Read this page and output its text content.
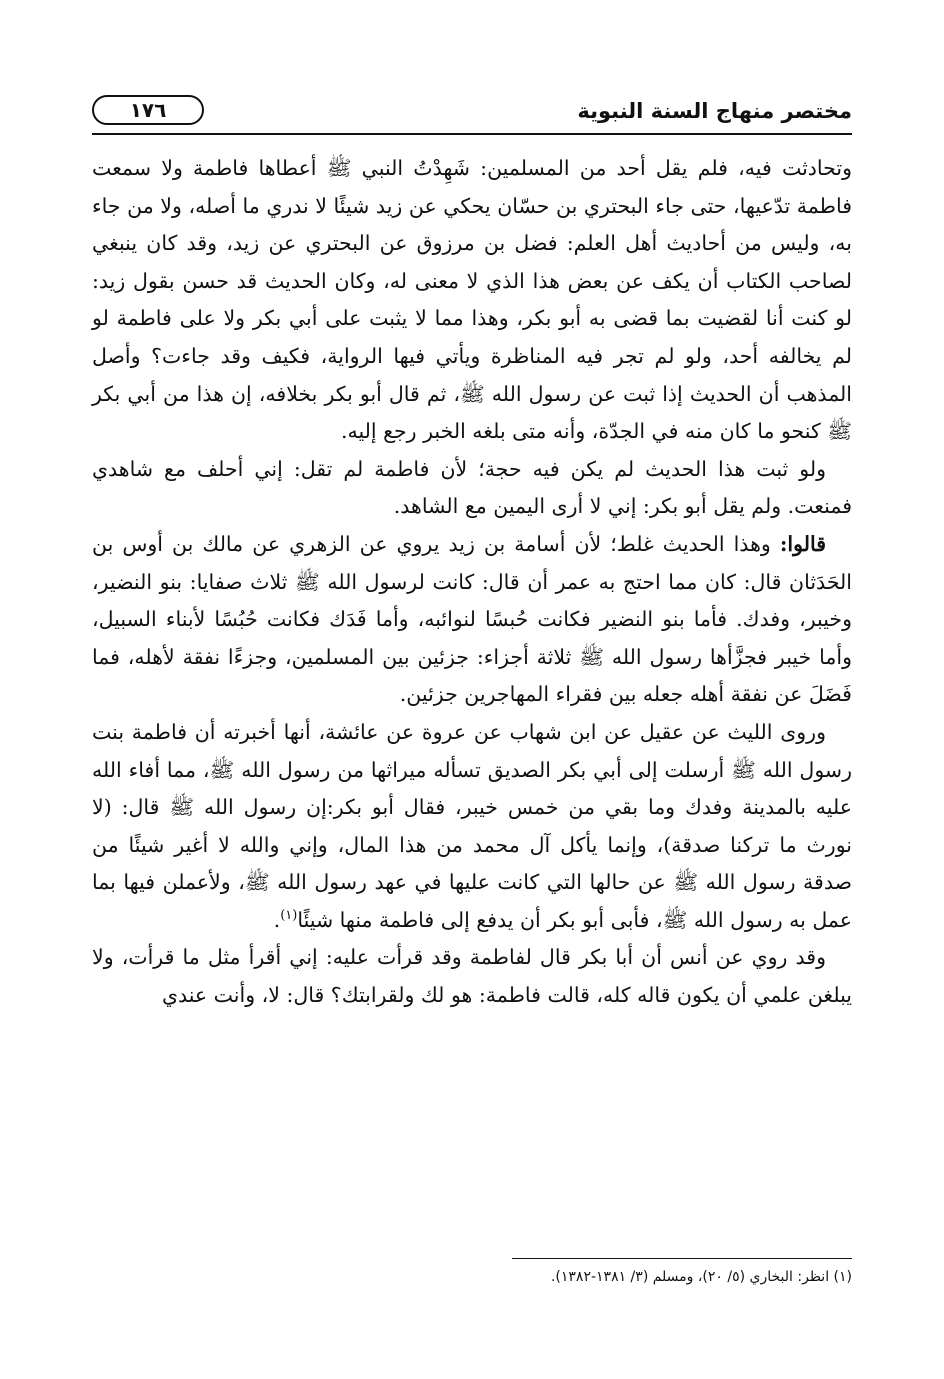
مختصر منهاج السنة النبوية
١٧٦

وتحادثت فيه، فلم يقل أحد من المسلمين: شَهِدْتُ النبي ﷺ أعطاها فاطمة ولا سمعت فاطمة تدّعيها، حتى جاء البحتري بن حسّان يحكي عن زيد شيئًا لا ندري ما أصله، ولا من جاء به، وليس من أحاديث أهل العلم: فضل بن مرزوق عن البحتري عن زيد، وقد كان ينبغي لصاحب الكتاب أن يكف عن بعض هذا الذي لا معنى له، وكان الحديث قد حسن بقول زيد: لو كنت أنا لقضيت بما قضى به أبو بكر، وهذا مما لا يثبت على أبي بكر ولا على فاطمة لو لم يخالفه أحد، ولو لم تجر فيه المناظرة ويأتي فيها الرواية، فكيف وقد جاءت؟ وأصل المذهب أن الحديث إذا ثبت عن رسول الله ﷺ، ثم قال أبو بكر بخلافه، إن هذا من أبي بكر ﷺ كنحو ما كان منه في الجدّة، وأنه متى بلغه الخبر رجع إليه.

ولو ثبت هذا الحديث لم يكن فيه حجة؛ لأن فاطمة لم تقل: إني أحلف مع شاهدي فمنعت. ولم يقل أبو بكر: إني لا أرى اليمين مع الشاهد.

قالوا: وهذا الحديث غلط؛ لأن أسامة بن زيد يروي عن الزهري عن مالك بن أوس بن الحَدَثان قال: كان مما احتج به عمر أن قال: كانت لرسول الله ﷺ ثلاث صفايا: بنو النضير، وخيبر، وفدك. فأما بنو النضير فكانت حُبسًا لنوائبه، وأما فَدَك فكانت حُبُسًا لأبناء السبيل، وأما خيبر فجزَّأها رسول الله ﷺ ثلاثة أجزاء: جزئين بين المسلمين، وجزءًا نفقة لأهله، فما فَضَلَ عن نفقة أهله جعله بين فقراء المهاجرين جزئين.

وروى الليث عن عقيل عن ابن شهاب عن عروة عن عائشة، أنها أخبرته أن فاطمة بنت رسول الله ﷺ أرسلت إلى أبي بكر الصديق تسأله ميراثها من رسول الله ﷺ، مما أفاء الله عليه بالمدينة وفدك وما بقي من خمس خيبر، فقال أبو بكر:إن رسول الله ﷺ قال: (لا نورث ما تركنا صدقة)، وإنما يأكل آل محمد من هذا المال، وإني والله لا أغير شيئًا من صدقة رسول الله ﷺ عن حالها التي كانت عليها في عهد رسول الله ﷺ، ولأعملن فيها بما عمل به رسول الله ﷺ، فأبى أبو بكر أن يدفع إلى فاطمة منها شيئًا$^{(١)}$.

وقد روي عن أنس أن أبا بكر قال لفاطمة وقد قرأت عليه: إني أقرأ مثل ما قرأت، ولا يبلغن علمي أن يكون قاله كله، قالت فاطمة: هو لك ولقرابتك؟ قال: لا، وأنت عندي

(١) انظر: البخاري (٥/ ٢٠)، ومسلم (٣/ ١٣٨١-١٣٨٢).
